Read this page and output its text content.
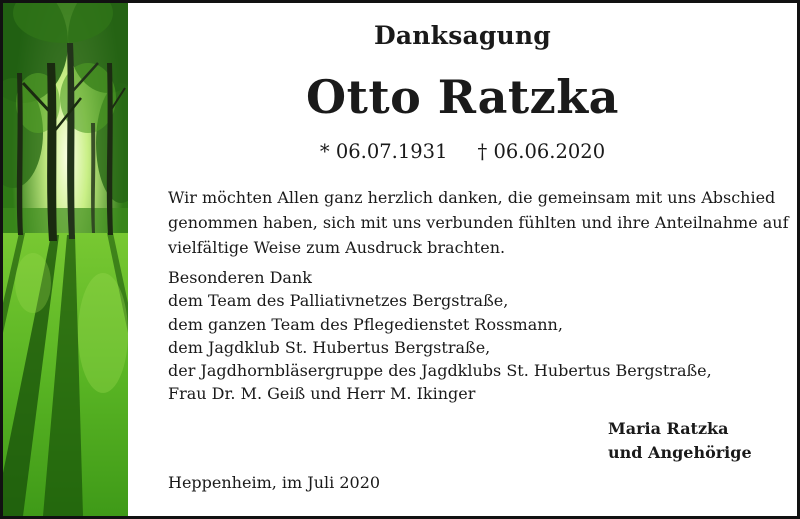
Danksagung
Otto Ratzka
* 06.07.1931 † 06.06.2020

Wir möchten Allen ganz herzlich danken, die gemeinsam mit uns Abschied
genommen haben, sich mit uns verbunden fühlten und ihre Anteilnahme auf
vielfältige Weise zum Ausdruck brachten.

Besonderen Dank
dem Team des Palliativnetzes Bergstraße,
dem ganzen Team des Pflegedienstet Rossmann,
dem Jagdklub St. Hubertus Bergstraße,
der Jagdhornbläsergruppe des Jagdklubs St. Hubertus Bergstraße,
Frau Dr. M. Geiß und Herr M. Ikinger

Maria Ratzka
und Angehörige
Heppenheim, im Juli 2020
